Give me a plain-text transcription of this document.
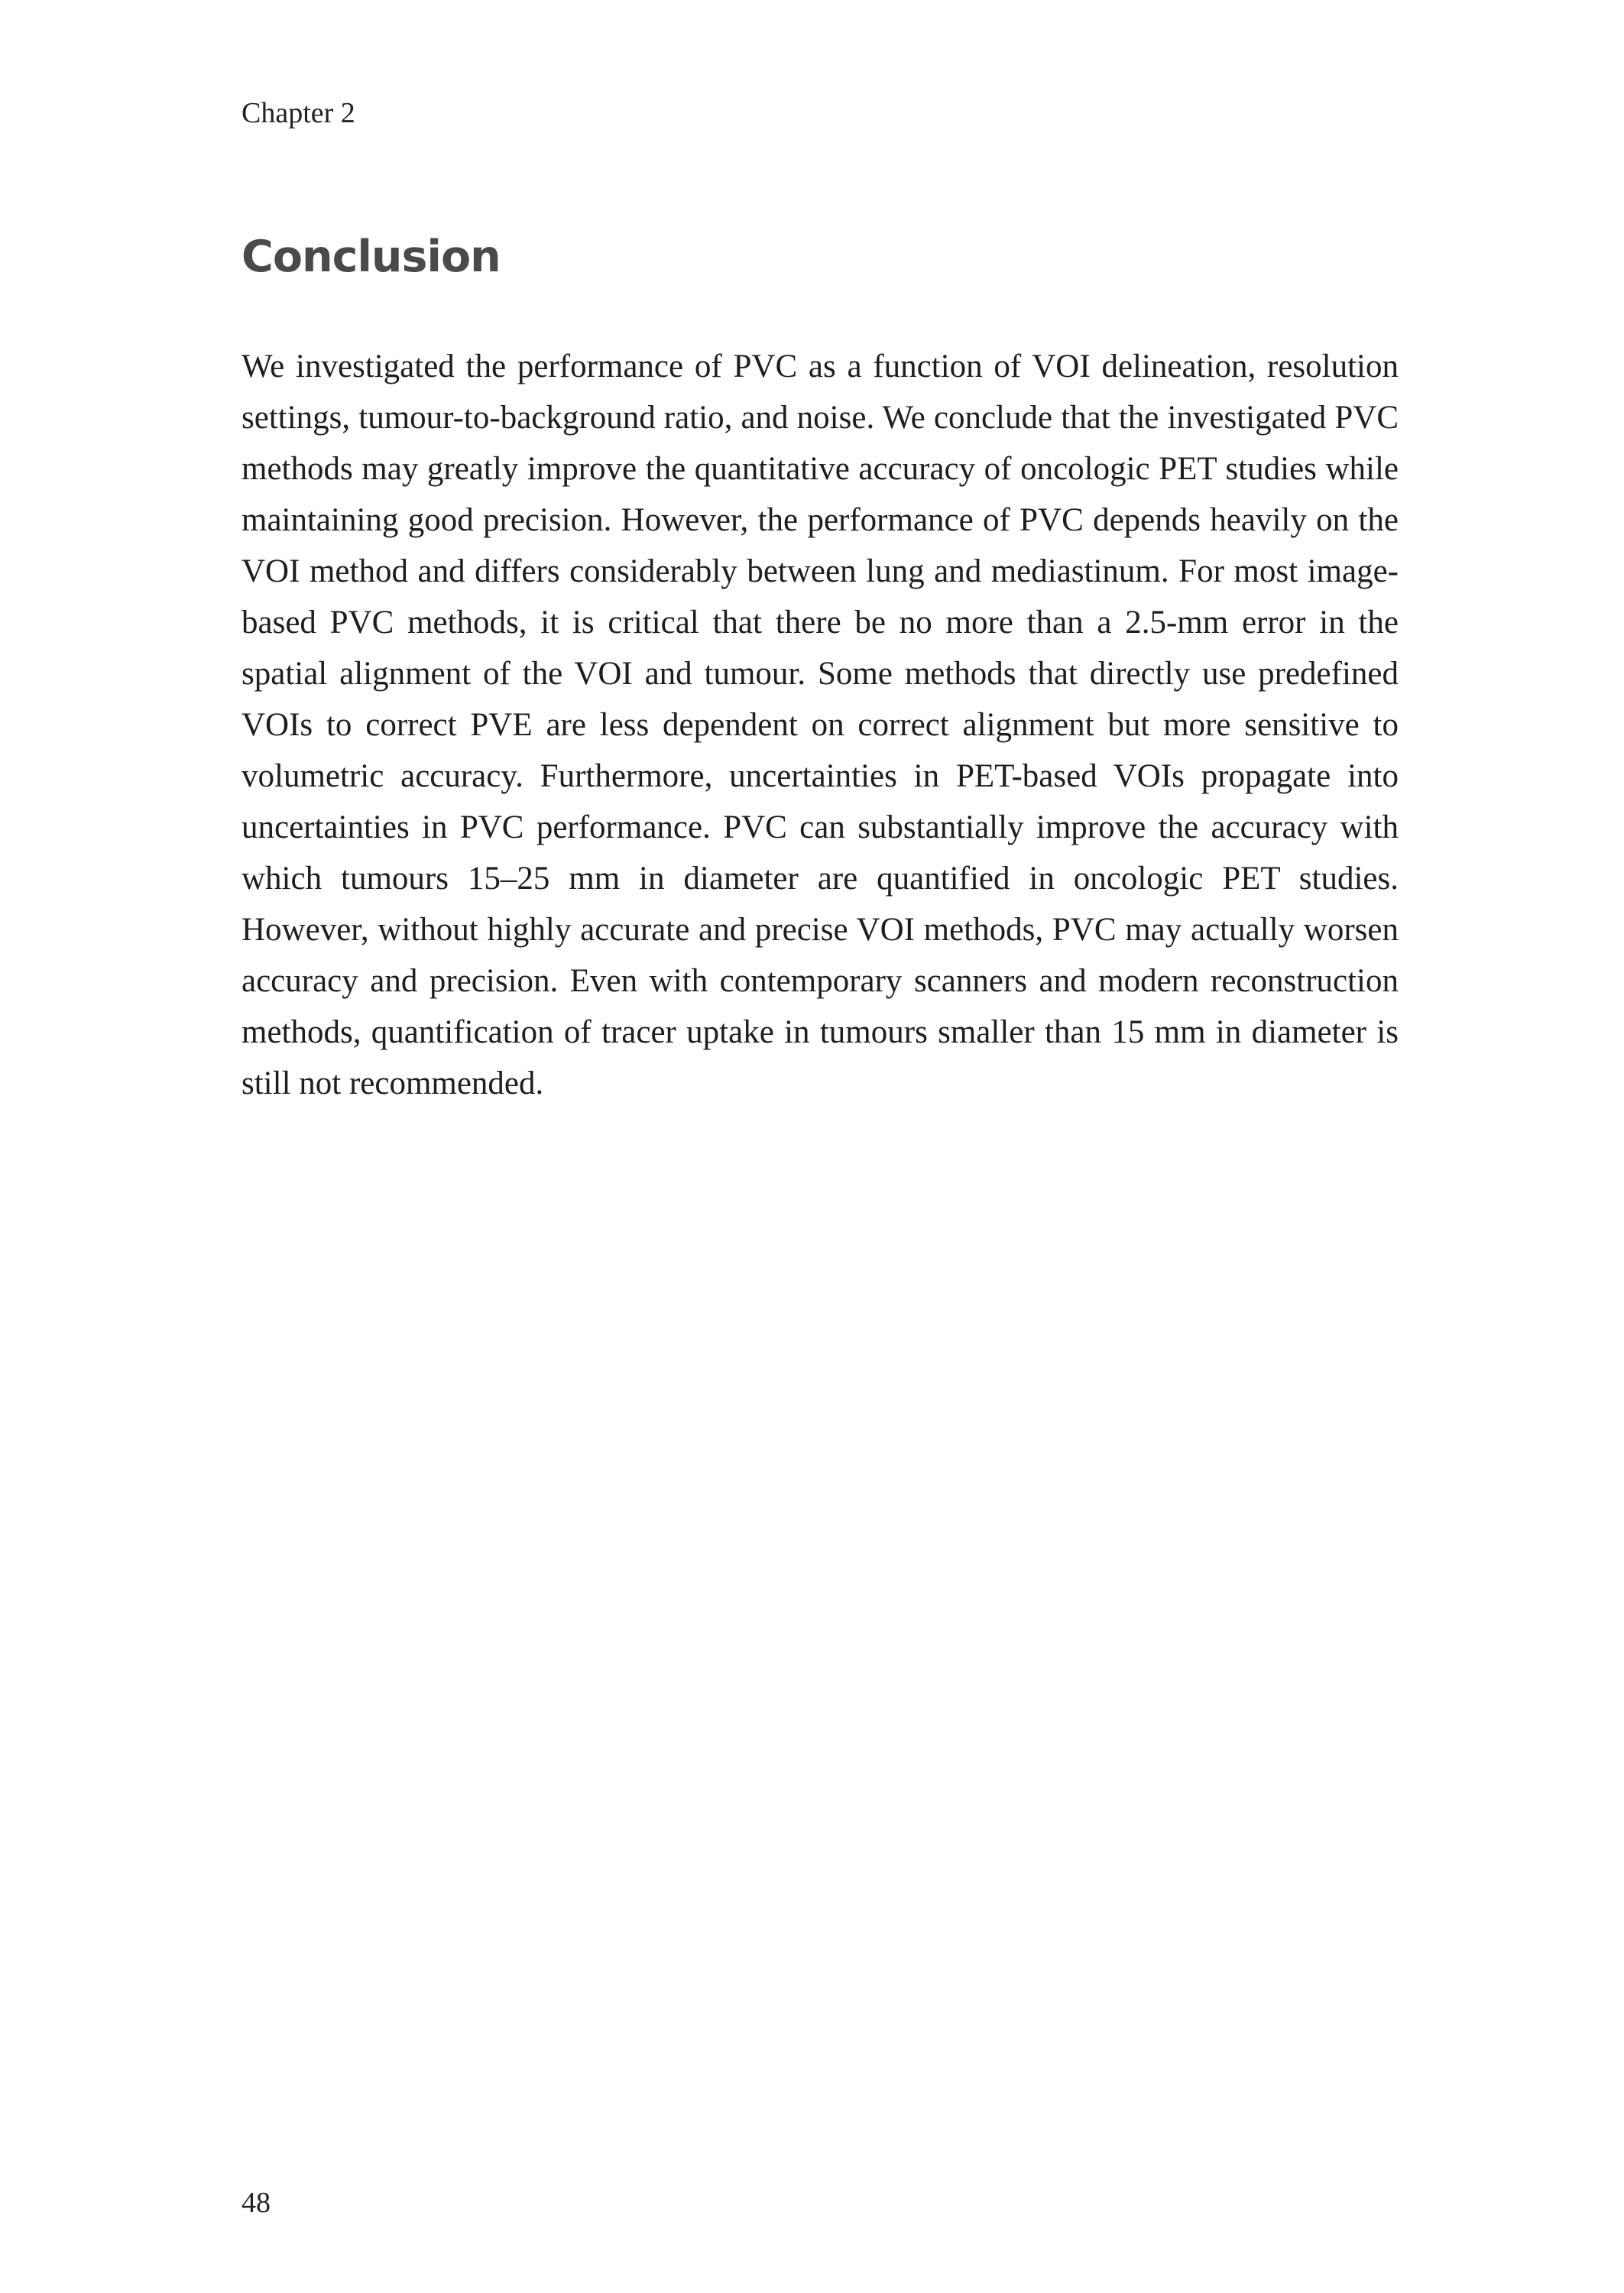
Chapter 2
Conclusion

We investigated the performance of PVC as a function of VOI delineation, resolution settings, tumour-to-background ratio, and noise. We conclude that the investigated PVC methods may greatly improve the quantitative accuracy of oncologic PET studies while maintaining good precision. However, the performance of PVC depends heavily on the VOI method and differs considerably between lung and mediastinum. For most image-based PVC methods, it is critical that there be no more than a 2.5-mm error in the spatial alignment of the VOI and tumour. Some methods that directly use predefined VOIs to correct PVE are less dependent on correct alignment but more sensitive to volumetric accuracy. Furthermore, uncertainties in PET-based VOIs propagate into uncertainties in PVC performance. PVC can substantially improve the accuracy with which tumours 15–25 mm in diameter are quantified in oncologic PET studies. However, without highly accurate and precise VOI methods, PVC may actually worsen accuracy and precision. Even with contemporary scanners and modern reconstruction methods, quantification of tracer uptake in tumours smaller than 15 mm in diameter is still not recommended.

48
